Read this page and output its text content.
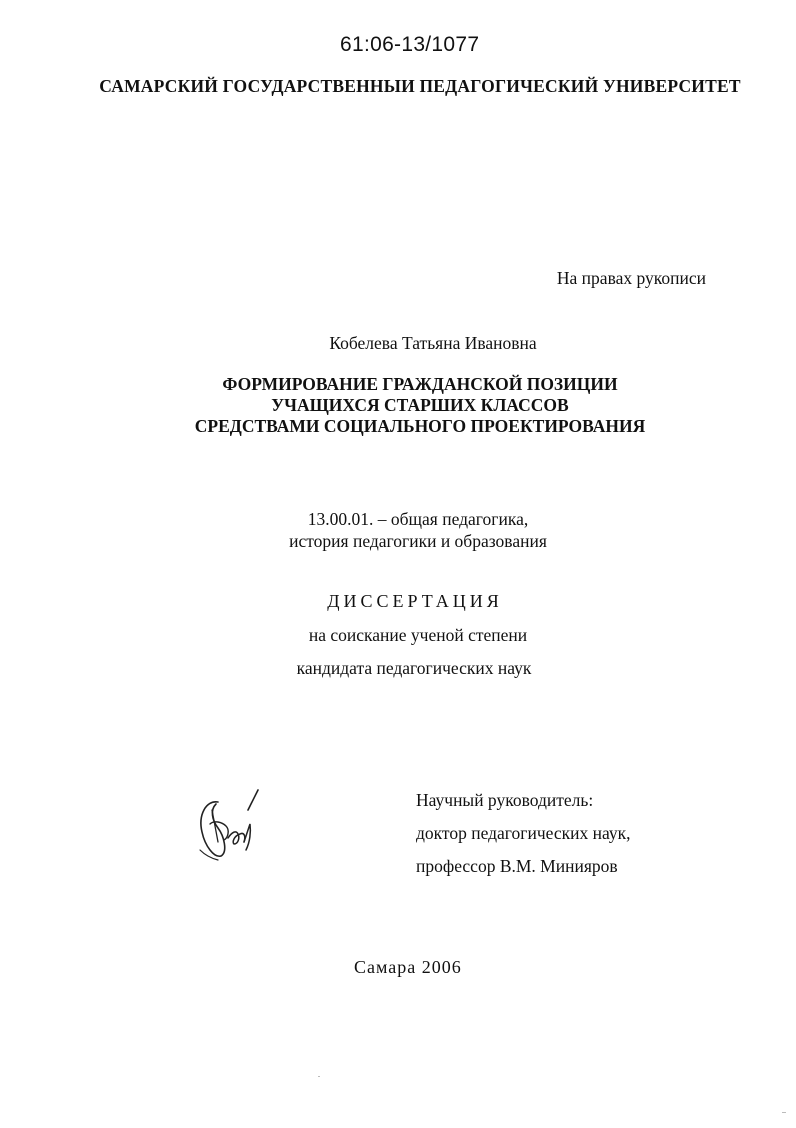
61:06-13/1077
САМАРСКИЙ ГОСУДАРСТВЕННЫИ ПЕДАГОГИЧЕСКИЙ УНИВЕРСИТЕТ
На правах рукописи
Кобелева Татьяна Ивановна
ФОРМИРОВАНИЕ ГРАЖДАНСКОЙ ПОЗИЦИИ
УЧАЩИХСЯ СТАРШИХ КЛАССОВ
СРЕДСТВАМИ СОЦИАЛЬНОГО ПРОЕКТИРОВАНИЯ
13.00.01. – общая педагогика,
история педагогики и образования
ДИССЕРТАЦИЯ
на соискание ученой степени
кандидата педагогических наук
Научный руководитель:
доктор педагогических наук,
профессор В.М. Минияров
Самара 2006
